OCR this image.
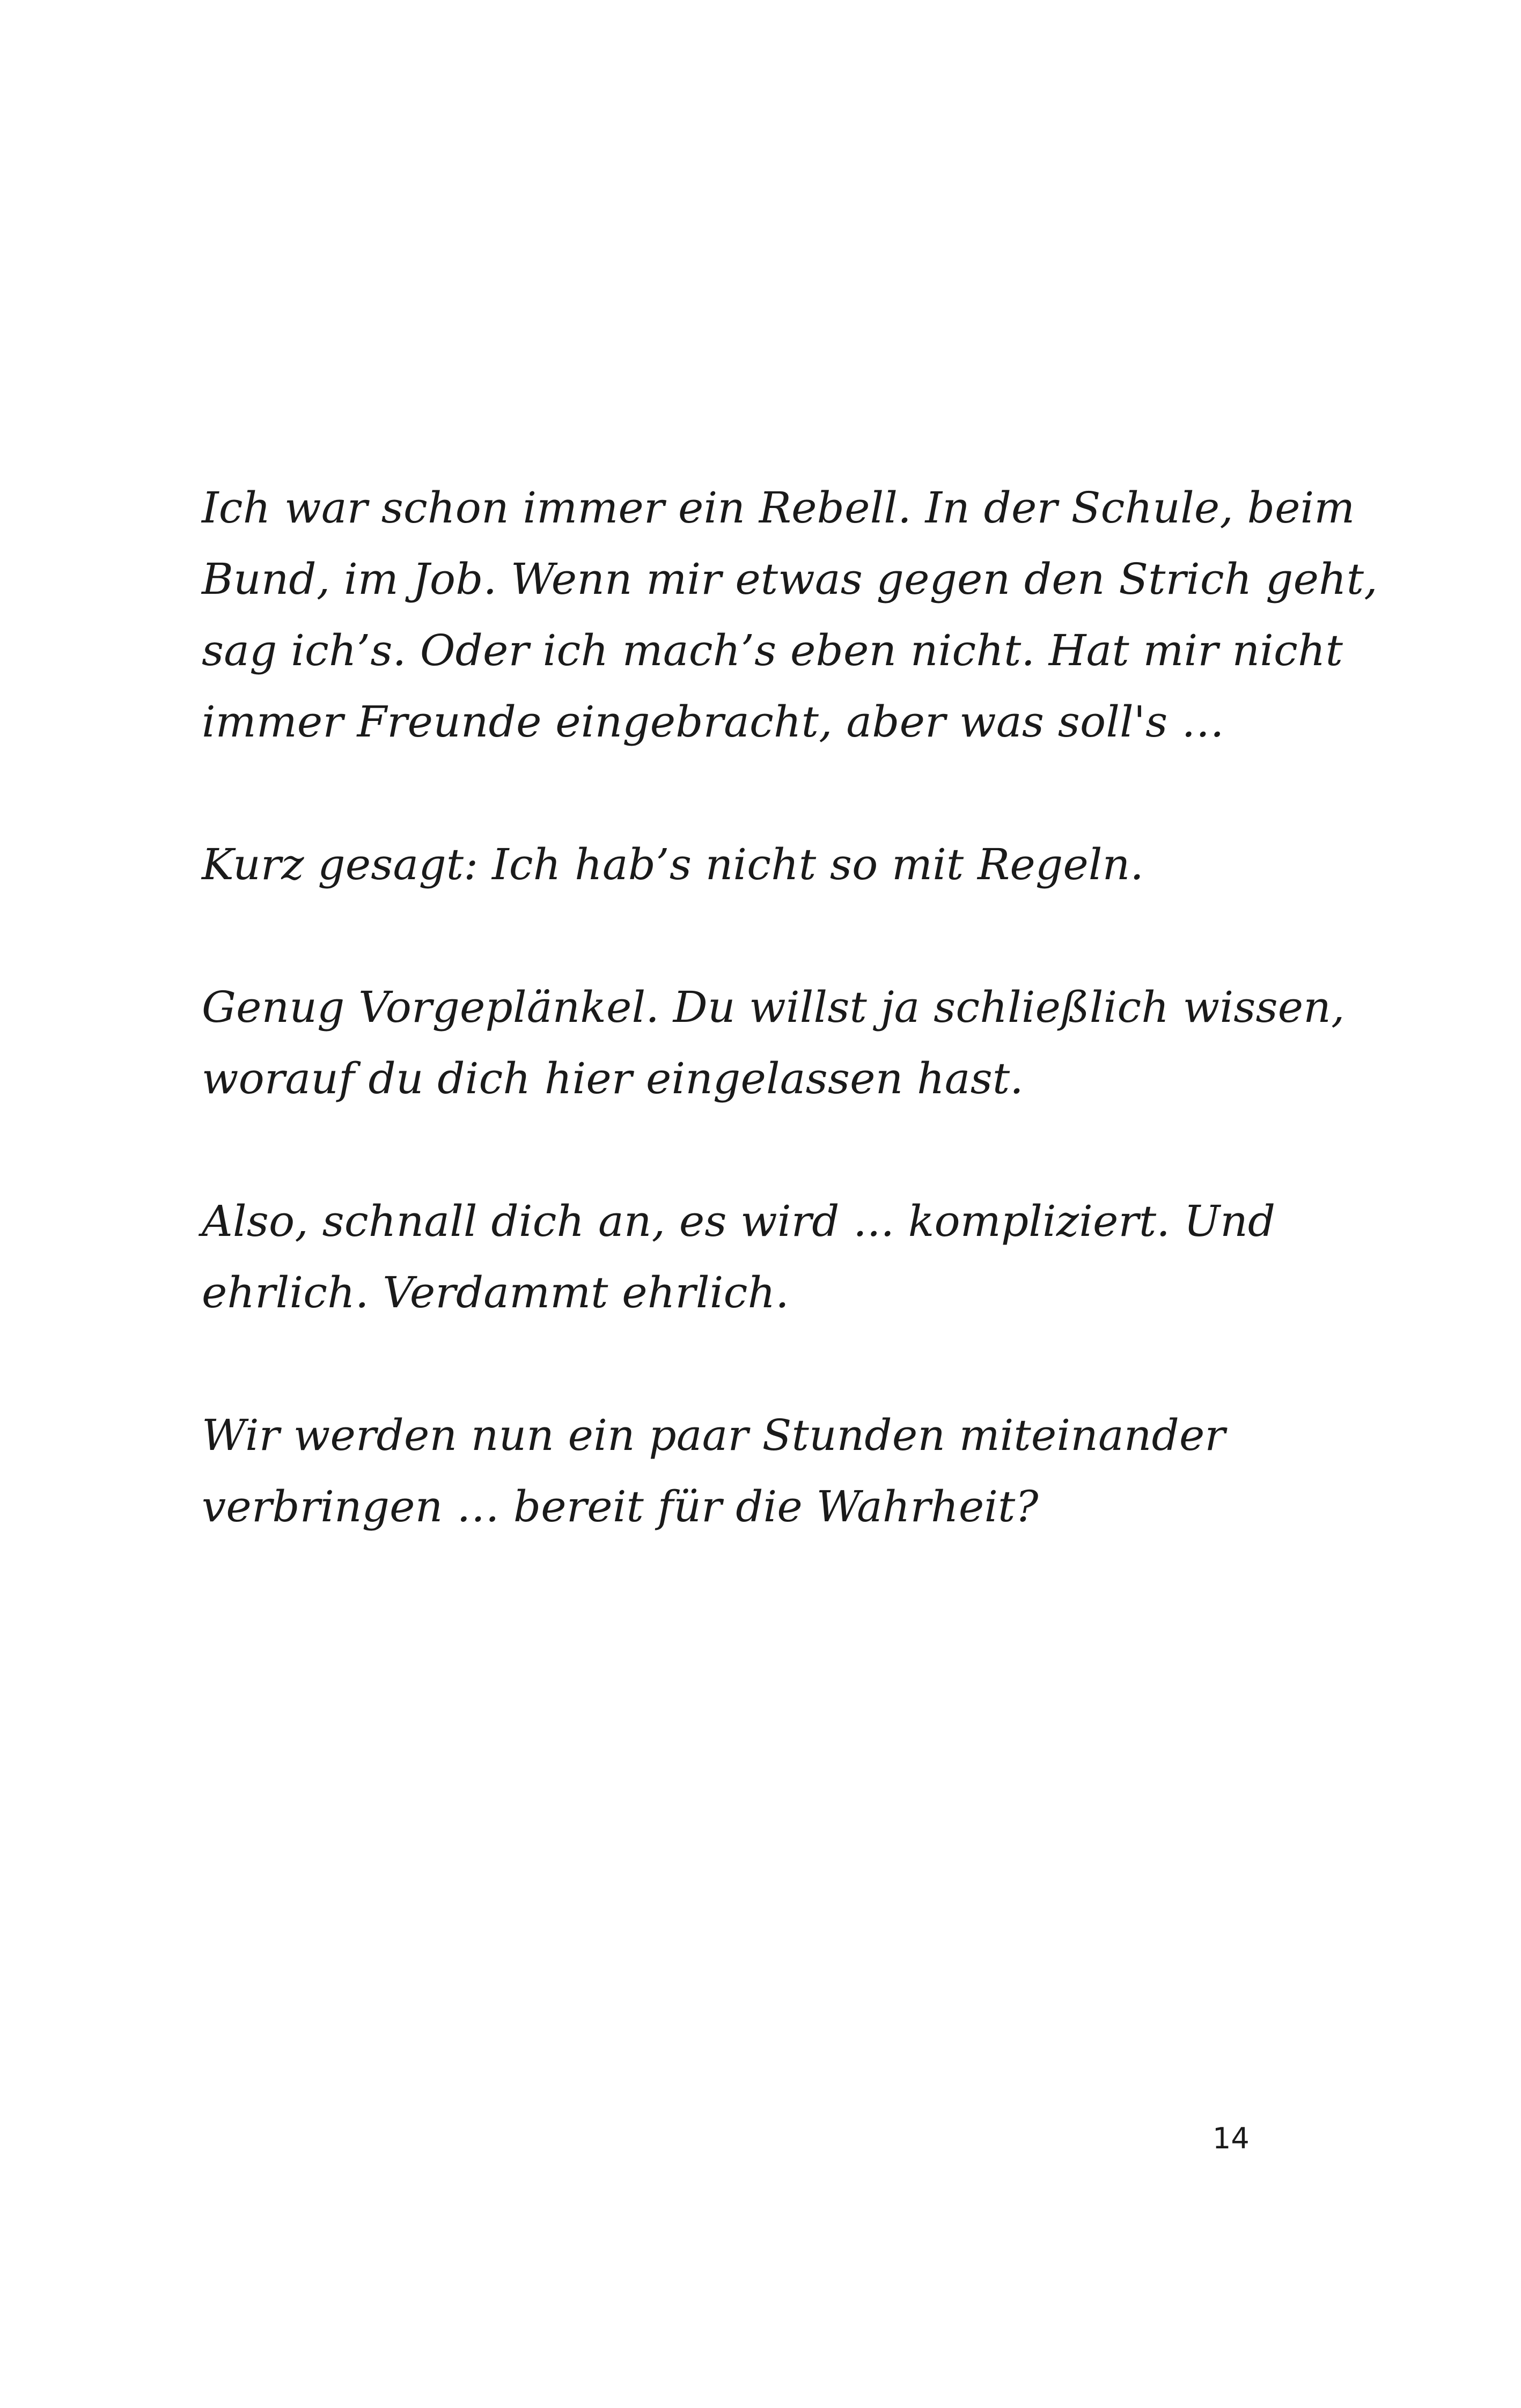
Ich war schon immer ein Rebell. In der Schule, beim
Bund, im Job. Wenn mir etwas gegen den Strich geht,
sag ich’s. Oder ich mach’s eben nicht. Hat mir nicht
immer Freunde eingebracht, aber was soll's …

Kurz gesagt: Ich hab’s nicht so mit Regeln.

Genug Vorgeplänkel. Du willst ja schließlich wissen,
worauf du dich hier eingelassen hast.

Also, schnall dich an, es wird ... kompliziert. Und
ehrlich. Verdammt ehrlich.

Wir werden nun ein paar Stunden miteinander
verbringen … bereit für die Wahrheit?

14
